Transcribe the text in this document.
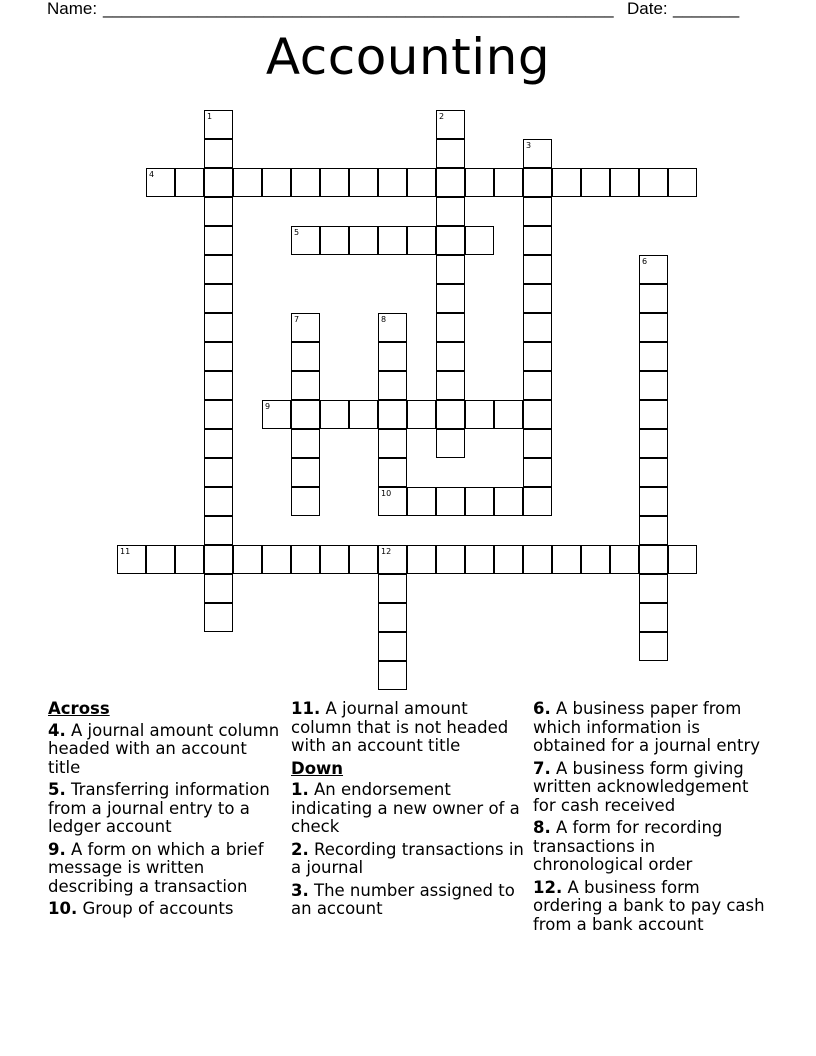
Name: ______________________________________________________ Date: _______
Accounting
1	2
3
4
5
6
7	8
9
10
11	12
Across
4. A journal amount column headed with an account title
5. Transferring information from a journal entry to a ledger account
9. A form on which a brief message is written describing a transaction
10. Group of accounts
11. A journal amount column that is not headed with an account title
Down
1. An endorsement indicating a new owner of a check
2. Recording transactions in a journal
3. The number assigned to an account
6. A business paper from which information is obtained for a journal entry
7. A business form giving written acknowledgement for cash received
8. A form for recording transactions in chronological order
12. A business form ordering a bank to pay cash from a bank account
